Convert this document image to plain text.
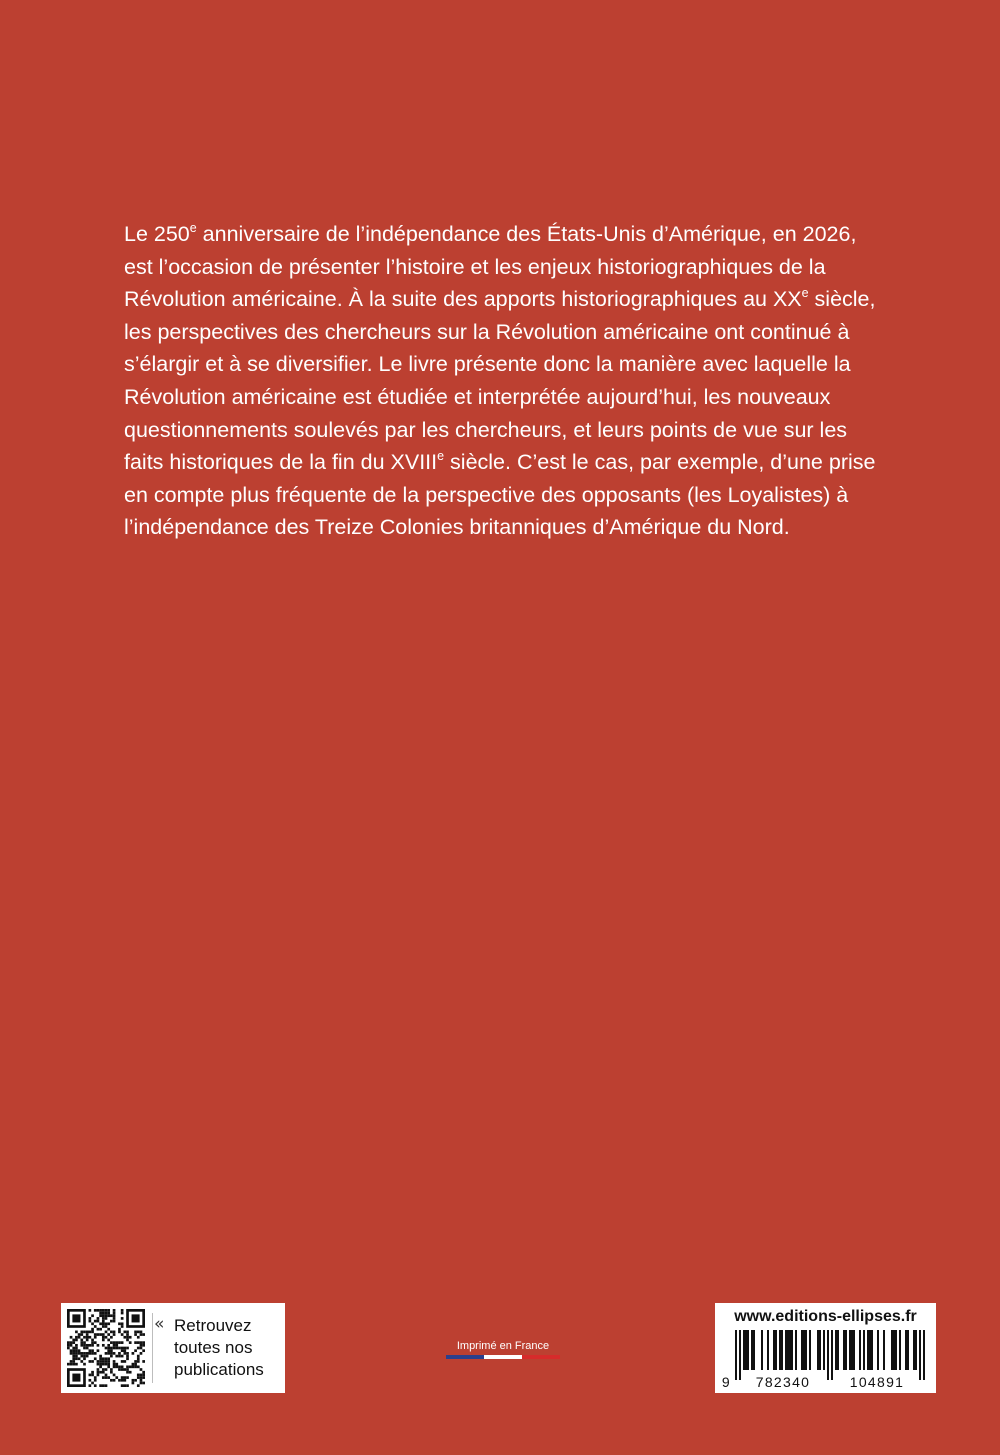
Le 250e anniversaire de l’indépendance des États-Unis d’Amérique, en 2026, est l’occasion de présenter l’histoire et les enjeux historiographiques de la Révolution américaine. À la suite des apports historiographiques au XXe siècle, les perspectives des chercheurs sur la Révolution américaine ont continué à s’élargir et à se diversifier. Le livre présente donc la manière avec laquelle la Révolution américaine est étudiée et interprétée aujourd’hui, les nouveaux questionnements soulevés par les chercheurs, et leurs points de vue sur les faits historiques de la fin du XVIIIe siècle. C’est le cas, par exemple, d’une prise en compte plus fréquente de la perspective des opposants (les Loyalistes) à l’indépendance des Treize Colonies britanniques d’Amérique du Nord.

« Retrouvez toutes nos publications
Imprimé en France
www.editions-ellipses.fr
9 782340	104891
